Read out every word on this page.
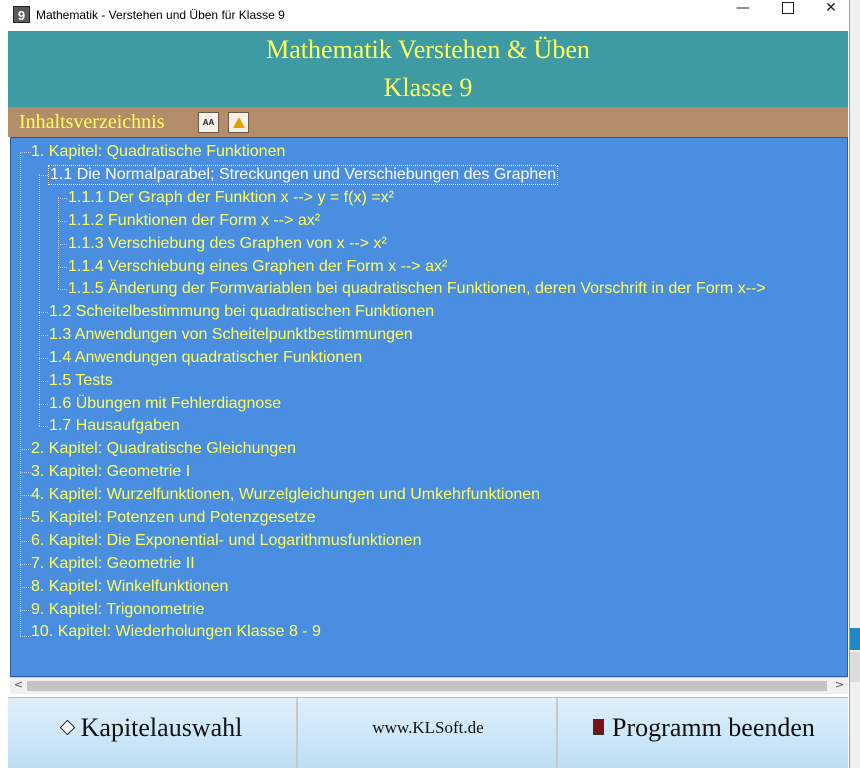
9 Mathematik - Verstehen und Üben für Klasse 9	—	✕
Mathematik Verstehen & Üben
Klasse 9
Inhaltsverzeichnis	AA
1. Kapitel: Quadratische Funktionen
1.1 Die Normalparabel; Streckungen und Verschiebungen des Graphen
1.1.1 Der Graph der Funktion x --> y = f(x) =x²
1.1.2 Funktionen der Form x --> ax²
1.1.3 Verschiebung des Graphen von x --> x²
1.1.4 Verschiebung eines Graphen der Form x --> ax²
1.1.5 Änderung der Formvariablen bei quadratischen Funktionen, deren Vorschrift in der Form x-->
1.2 Scheitelbestimmung bei quadratischen Funktionen
1.3 Anwendungen von Scheitelpunktbestimmungen
1.4 Anwendungen quadratischer Funktionen
1.5 Tests
1.6 Übungen mit Fehlerdiagnose
1.7 Hausaufgaben
2. Kapitel: Quadratische Gleichungen
3. Kapitel: Geometrie I
4. Kapitel: Wurzelfunktionen, Wurzelgleichungen und Umkehrfunktionen
5. Kapitel: Potenzen und Potenzgesetze
6. Kapitel: Die Exponential- und Logarithmusfunktionen
7. Kapitel: Geometrie II
8. Kapitel: Winkelfunktionen
9. Kapitel: Trigonometrie
10. Kapitel: Wiederholungen Klasse 8 - 9
<	>
Kapitelauswahl	www.KLSoft.de	Programm beenden
